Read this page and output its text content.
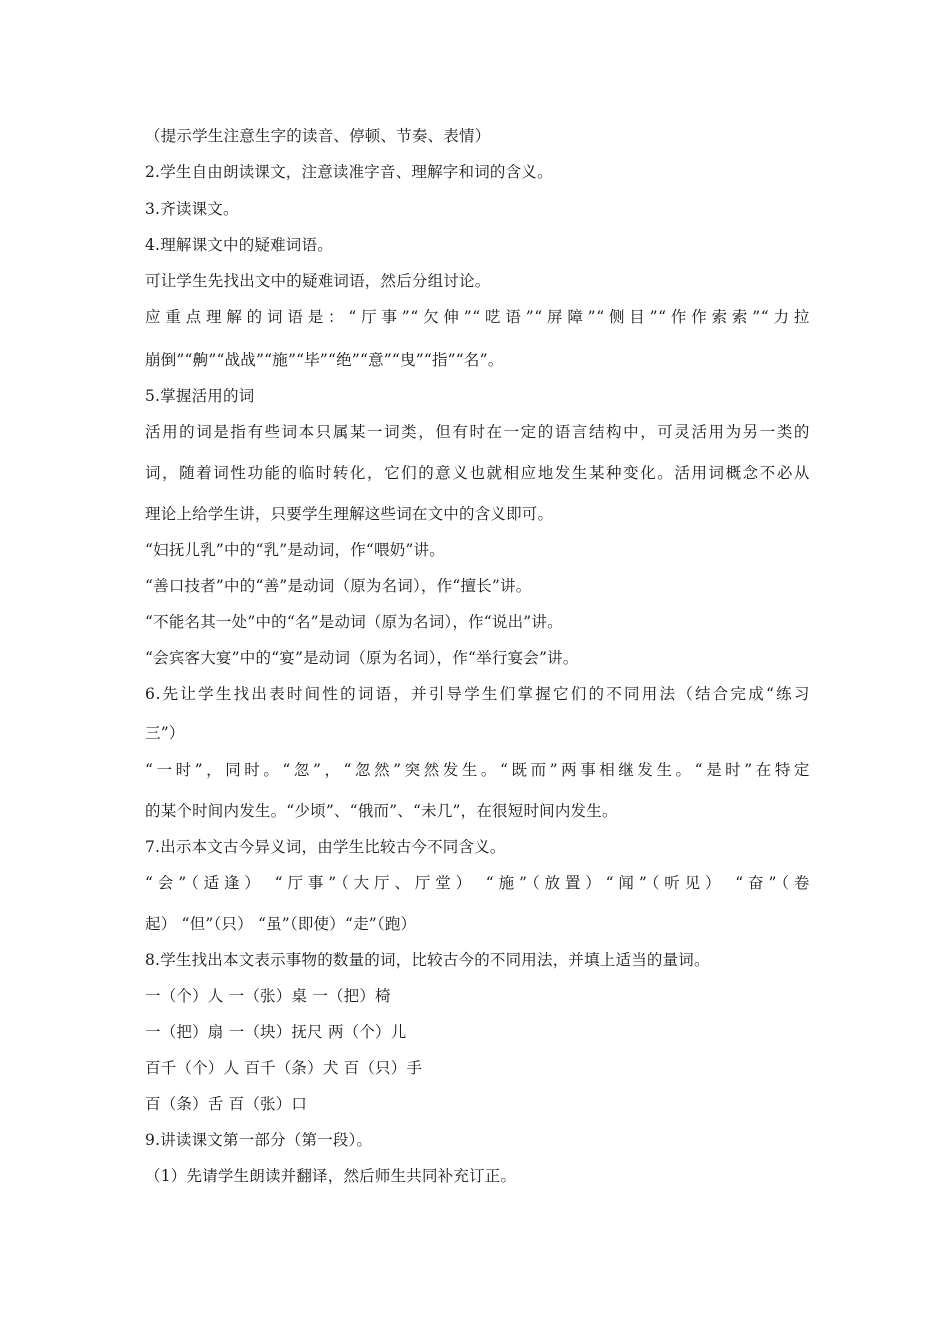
（提示学生注意生字的读音、停顿、节奏、表情）
2.学生自由朗读课文，注意读准字音、理解字和词的含义。
3.齐读课文。
4.理解课文中的疑难词语。
可让学生先找出文中的疑难词语，然后分组讨论。
应重点理解的词语是：“厅事”“欠伸”“呓语”“屏障”“侧目”“作作索索”“力拉
崩倒”“齁”“战战”“施”“毕”“绝”“意”“曳”“指”“名”。
5.掌握活用的词
活用的词是指有些词本只属某一词类，但有时在一定的语言结构中，可灵活用为另一类的
词，随着词性功能的临时转化，它们的意义也就相应地发生某种变化。活用词概念不必从
理论上给学生讲，只要学生理解这些词在文中的含义即可。
“妇抚儿乳”中的“乳”是动词，作“喂奶”讲。
“善口技者”中的“善”是动词（原为名词），作“擅长”讲。
“不能名其一处”中的“名”是动词（原为名词），作“说出”讲。
“会宾客大宴”中的“宴”是动词（原为名词），作“举行宴会”讲。
6.先让学生找出表时间性的词语，并引导学生们掌握它们的不同用法（结合完成“练习
三”）
“一时”，同时。“忽”，“忽然”突然发生。“既而”两事相继发生。“是时”在特定
的某个时间内发生。“少顷”、“俄而”、“未几”，在很短时间内发生。
7.出示本文古今异义词，由学生比较古今不同含义。
“会”（适逢） “厅事”（大厅、厅堂） “施”（放置）“闻”（听见） “奋”（卷
起） “但”（只） “虽”（即使）“走”（跑）
8.学生找出本文表示事物的数量的词，比较古今的不同用法，并填上适当的量词。
一（个）人 一（张）桌 一（把）椅
一（把）扇 一（块）抚尺 两（个）儿
百千（个）人 百千（条）犬 百（只）手
百（条）舌 百（张）口
9.讲读课文第一部分（第一段）。
（1）先请学生朗读并翻译，然后师生共同补充订正。
